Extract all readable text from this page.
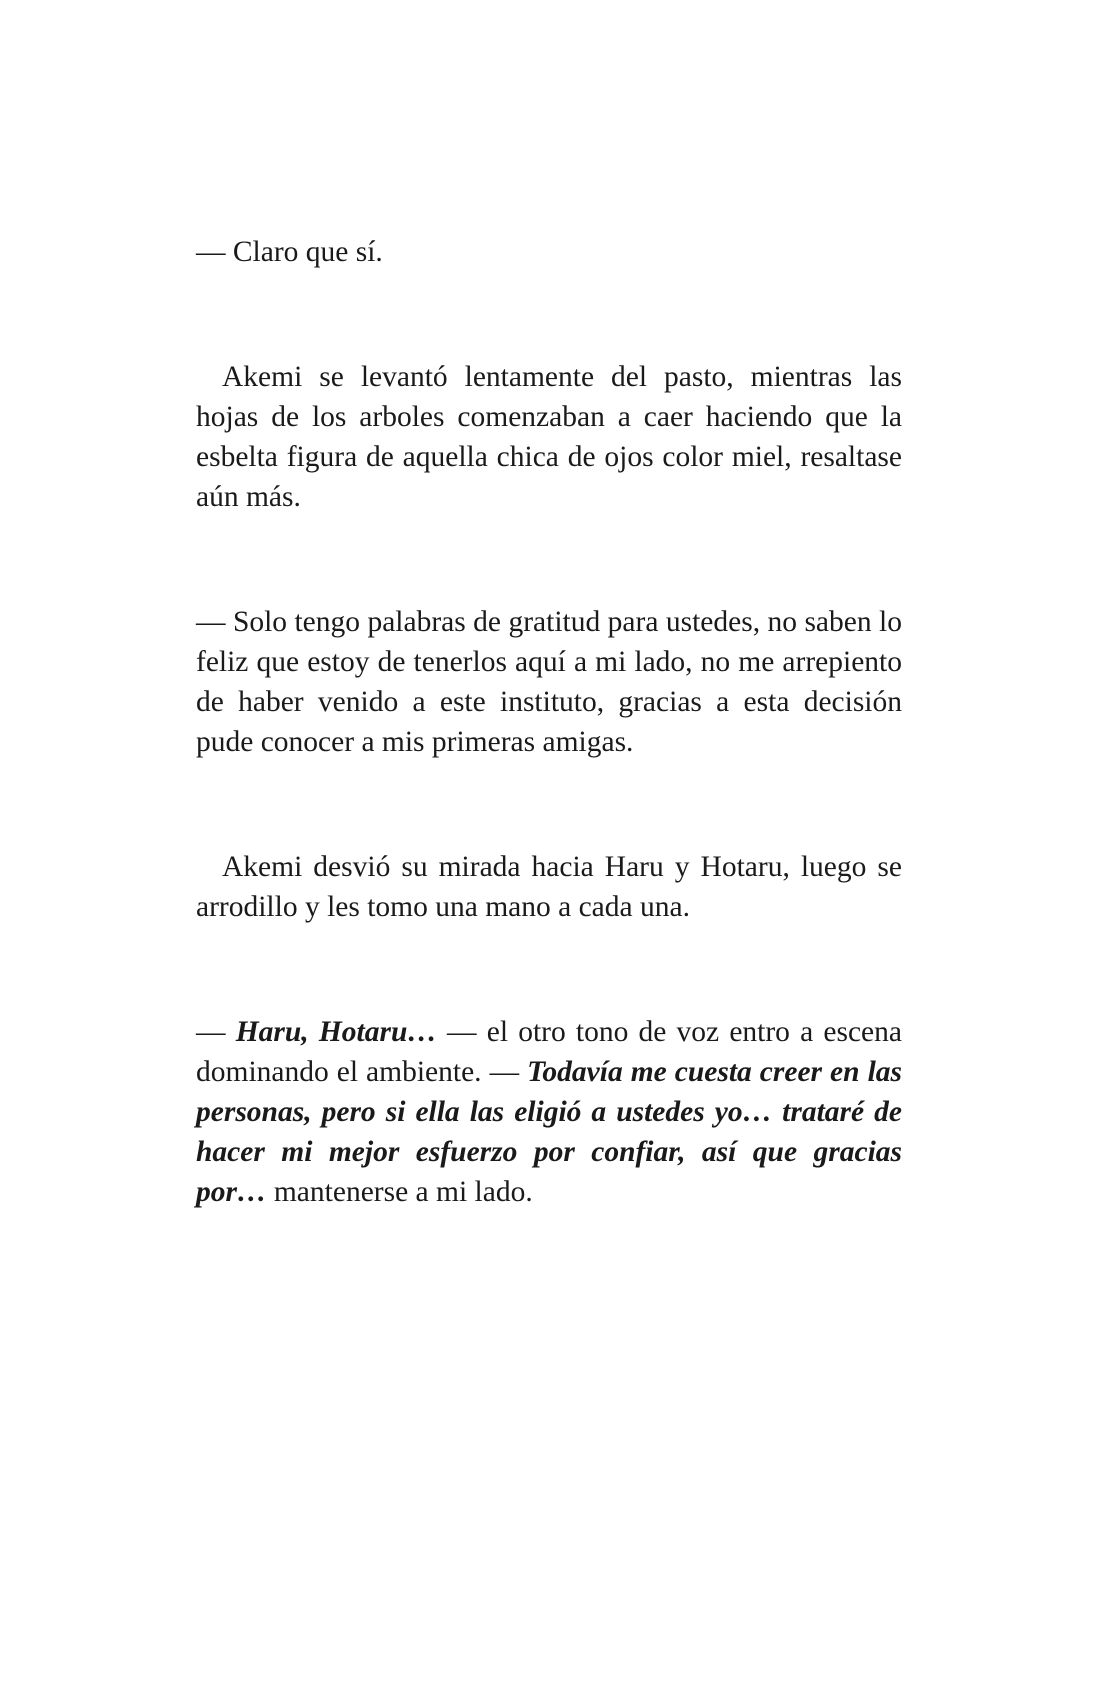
— Claro que sí.

Akemi se levantó lentamente del pasto, mientras las hojas de los arboles comenzaban a caer haciendo que la esbelta figura de aquella chica de ojos color miel, resaltase aún más.

— Solo tengo palabras de gratitud para ustedes, no saben lo feliz que estoy de tenerlos aquí a mi lado, no me arrepiento de haber venido a este instituto, gracias a esta decisión pude conocer a mis primeras amigas.

Akemi desvió su mirada hacia Haru y Hotaru, luego se arrodillo y les tomo una mano a cada una.

— Haru, Hotaru… — el otro tono de voz entro a escena dominando el ambiente. — Todavía me cuesta creer en las personas, pero si ella las eligió a ustedes yo… trataré de hacer mi mejor esfuerzo por confiar, así que gracias por… mantenerse a mi lado.
